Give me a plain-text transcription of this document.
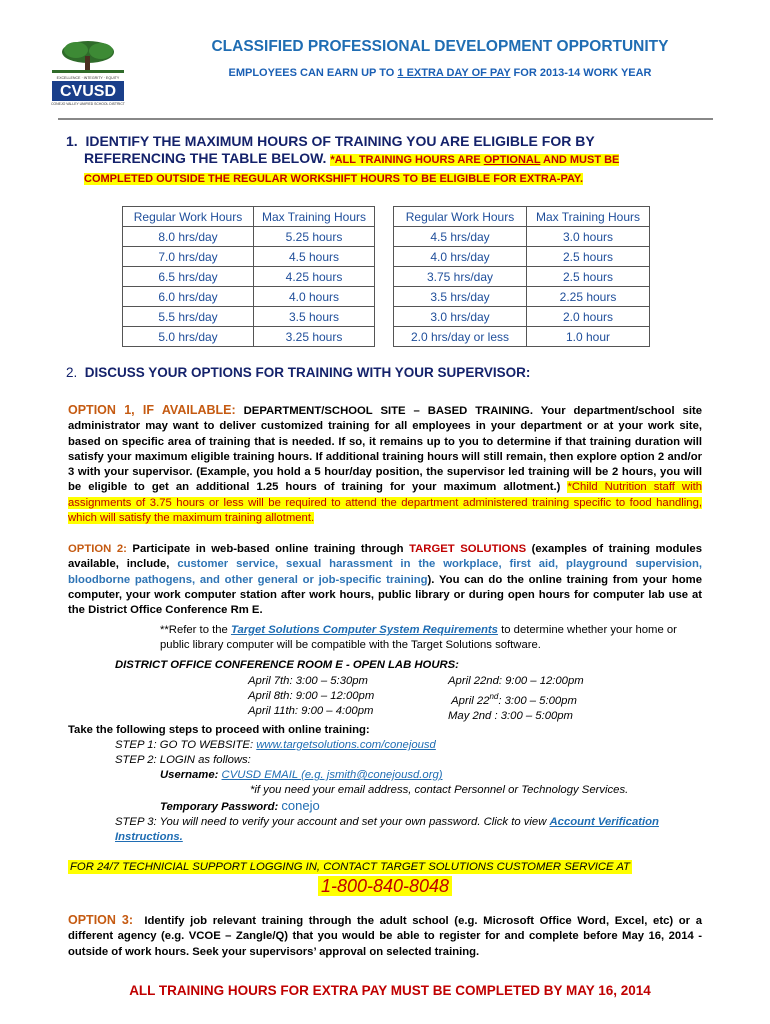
EXCELLENCE · INTEGRITY · EQUITY
CVUSD
CONEJO VALLEY UNIFIED SCHOOL DISTRICT
CLASSIFIED PROFESSIONAL DEVELOPMENT OPPORTUNITY
EMPLOYEES CAN EARN UP TO 1 EXTRA DAY OF PAY FOR 2013-14 WORK YEAR
1. IDENTIFY THE MAXIMUM HOURS OF TRAINING YOU ARE ELIGIBLE FOR BY
REFERENCING THE TABLE BELOW. *ALL TRAINING HOURS ARE OPTIONAL AND MUST BE
COMPLETED OUTSIDE THE REGULAR WORKSHIFT HOURS TO BE ELIGIBLE FOR EXTRA-PAY.
Regular Work Hours	Max Training Hours
8.0 hrs/day	5.25 hours
7.0 hrs/day	4.5 hours
6.5 hrs/day	4.25 hours
6.0 hrs/day	4.0 hours
5.5 hrs/day	3.5 hours
5.0 hrs/day	3.25 hours
Regular Work Hours	Max Training Hours
4.5 hrs/day	3.0 hours
4.0 hrs/day	2.5 hours
3.75 hrs/day	2.5 hours
3.5 hrs/day	2.25 hours
3.0 hrs/day	2.0 hours
2.0 hrs/day or less	1.0 hour
2. DISCUSS YOUR OPTIONS FOR TRAINING WITH YOUR SUPERVISOR:
OPTION 1, IF AVAILABLE: DEPARTMENT/SCHOOL SITE – BASED TRAINING. Your department/school site administrator may want to deliver customized training for all employees in your department or at your work site, based on specific area of training that is needed. If so, it remains up to you to determine if that training duration will satisfy your maximum eligible training hours. If additional training hours will still remain, then explore option 2 and/or 3 with your supervisor. (Example, you hold a 5 hour/day position, the supervisor led training will be 2 hours, you will be eligible to get an additional 1.25 hours of training for your maximum allotment.) *Child Nutrition staff with assignments of 3.75 hours or less will be required to attend the department administered training specific to food handling, which will satisfy the maximum training allotment.
OPTION 2: Participate in web-based online training through TARGET SOLUTIONS (examples of training modules available, include, customer service, sexual harassment in the workplace, first aid, playground supervision, bloodborne pathogens, and other general or job-specific training). You can do the online training from your home computer, your work computer station after work hours, public library or during open hours for computer lab use at the District Office Conference Rm E.
**Refer to the Target Solutions Computer System Requirements to determine whether your home or public library computer will be compatible with the Target Solutions software.
DISTRICT OFFICE CONFERENCE ROOM E - OPEN LAB HOURS:
April 7th: 3:00 – 5:30pm
April 8th: 9:00 – 12:00pm
April 11th: 9:00 – 4:00pm
April 22nd: 9:00 – 12:00pm
April 22nd: 3:00 – 5:00pm
May 2nd : 3:00 – 5:00pm
Take the following steps to proceed with online training:
STEP 1: GO TO WEBSITE: www.targetsolutions.com/conejousd
STEP 2: LOGIN as follows:
Username: CVUSD EMAIL (e.g. jsmith@conejousd.org)
*if you need your email address, contact Personnel or Technology Services.
Temporary Password: conejo
STEP 3: You will need to verify your account and set your own password. Click to view Account Verification Instructions.
FOR 24/7 TECHNICIAL SUPPORT LOGGING IN, CONTACT TARGET SOLUTIONS CUSTOMER SERVICE AT
1-800-840-8048
OPTION 3: Identify job relevant training through the adult school (e.g. Microsoft Office Word, Excel, etc) or a different agency (e.g. VCOE – Zangle/Q) that you would be able to register for and complete before May 16, 2014 - outside of work hours. Seek your supervisors’ approval on selected training.
ALL TRAINING HOURS FOR EXTRA PAY MUST BE COMPLETED BY MAY 16, 2014
